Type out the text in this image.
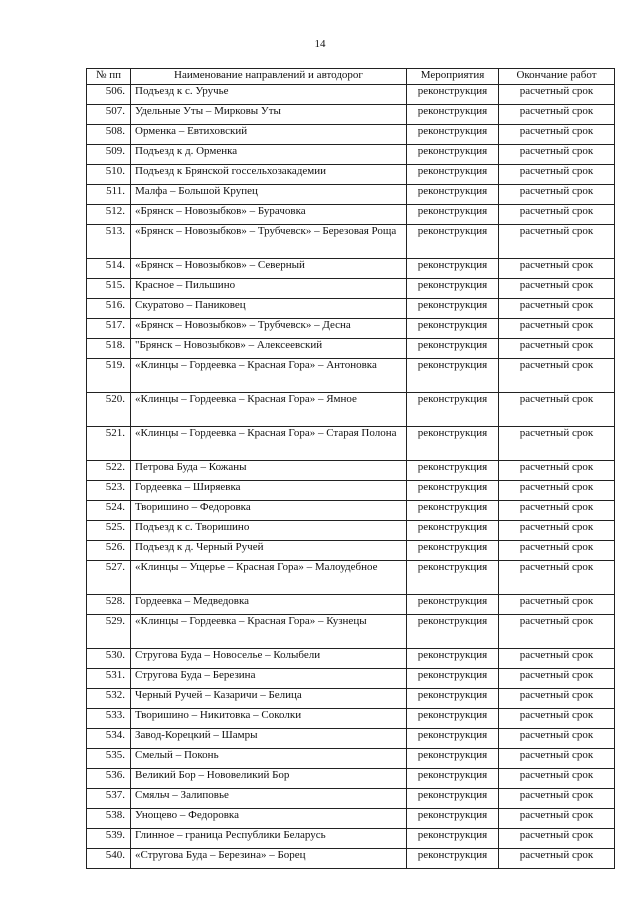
14
№ пп	Наименование направлений и автодорог	Мероприятия	Окончание работ
506.	Подъезд к с. Уручье	реконструкция	расчетный срок
507.	Удельные Уты – Мирковы Уты	реконструкция	расчетный срок
508.	Орменка – Евтиховский	реконструкция	расчетный срок
509.	Подъезд к д. Орменка	реконструкция	расчетный срок
510.	Подъезд к Брянской госсельхозакадемии	реконструкция	расчетный срок
511.	Малфа – Большой Крупец	реконструкция	расчетный срок
512.	«Брянск – Новозыбков» – Бурачовка	реконструкция	расчетный срок
513.	«Брянск – Новозыбков» – Трубчевск» – Березовая Роща	реконструкция	расчетный срок
514.	«Брянск – Новозыбков» – Северный	реконструкция	расчетный срок
515.	Красное – Пильшино	реконструкция	расчетный срок
516.	Скуратово – Паниковец	реконструкция	расчетный срок
517.	«Брянск – Новозыбков» – Трубчевск» – Десна	реконструкция	расчетный срок
518.	"Брянск – Новозыбков» – Алексеевский	реконструкция	расчетный срок
519.	«Клинцы – Гордеевка – Красная Гора» – Антоновка	реконструкция	расчетный срок
520.	«Клинцы – Гордеевка – Красная Гора» – Ямное	реконструкция	расчетный срок
521.	«Клинцы – Гордеевка – Красная Гора» – Старая Полона	реконструкция	расчетный срок
522.	Петрова Буда – Кожаны	реконструкция	расчетный срок
523.	Гордеевка – Ширяевка	реконструкция	расчетный срок
524.	Творишино – Федоровка	реконструкция	расчетный срок
525.	Подъезд к с. Творишино	реконструкция	расчетный срок
526.	Подъезд к д. Черный Ручей	реконструкция	расчетный срок
527.	«Клинцы – Ущерье – Красная Гора» – Малоудебное	реконструкция	расчетный срок
528.	Гордеевка – Медведовка	реконструкция	расчетный срок
529.	«Клинцы – Гордеевка – Красная Гора» – Кузнецы	реконструкция	расчетный срок
530.	Стругова Буда – Новоселье – Колыбели	реконструкция	расчетный срок
531.	Стругова Буда – Березина	реконструкция	расчетный срок
532.	Черный Ручей – Казаричи – Белица	реконструкция	расчетный срок
533.	Творишино – Никитовка – Соколки	реконструкция	расчетный срок
534.	Завод-Корецкий – Шамры	реконструкция	расчетный срок
535.	Смелый – Поконь	реконструкция	расчетный срок
536.	Великий Бор – Нововеликий Бор	реконструкция	расчетный срок
537.	Смяльч – Залиповье	реконструкция	расчетный срок
538.	Унощево – Федоровка	реконструкция	расчетный срок
539.	Глинное – граница Республики Беларусь	реконструкция	расчетный срок
540.	«Стругова Буда – Березина» – Борец	реконструкция	расчетный срок
